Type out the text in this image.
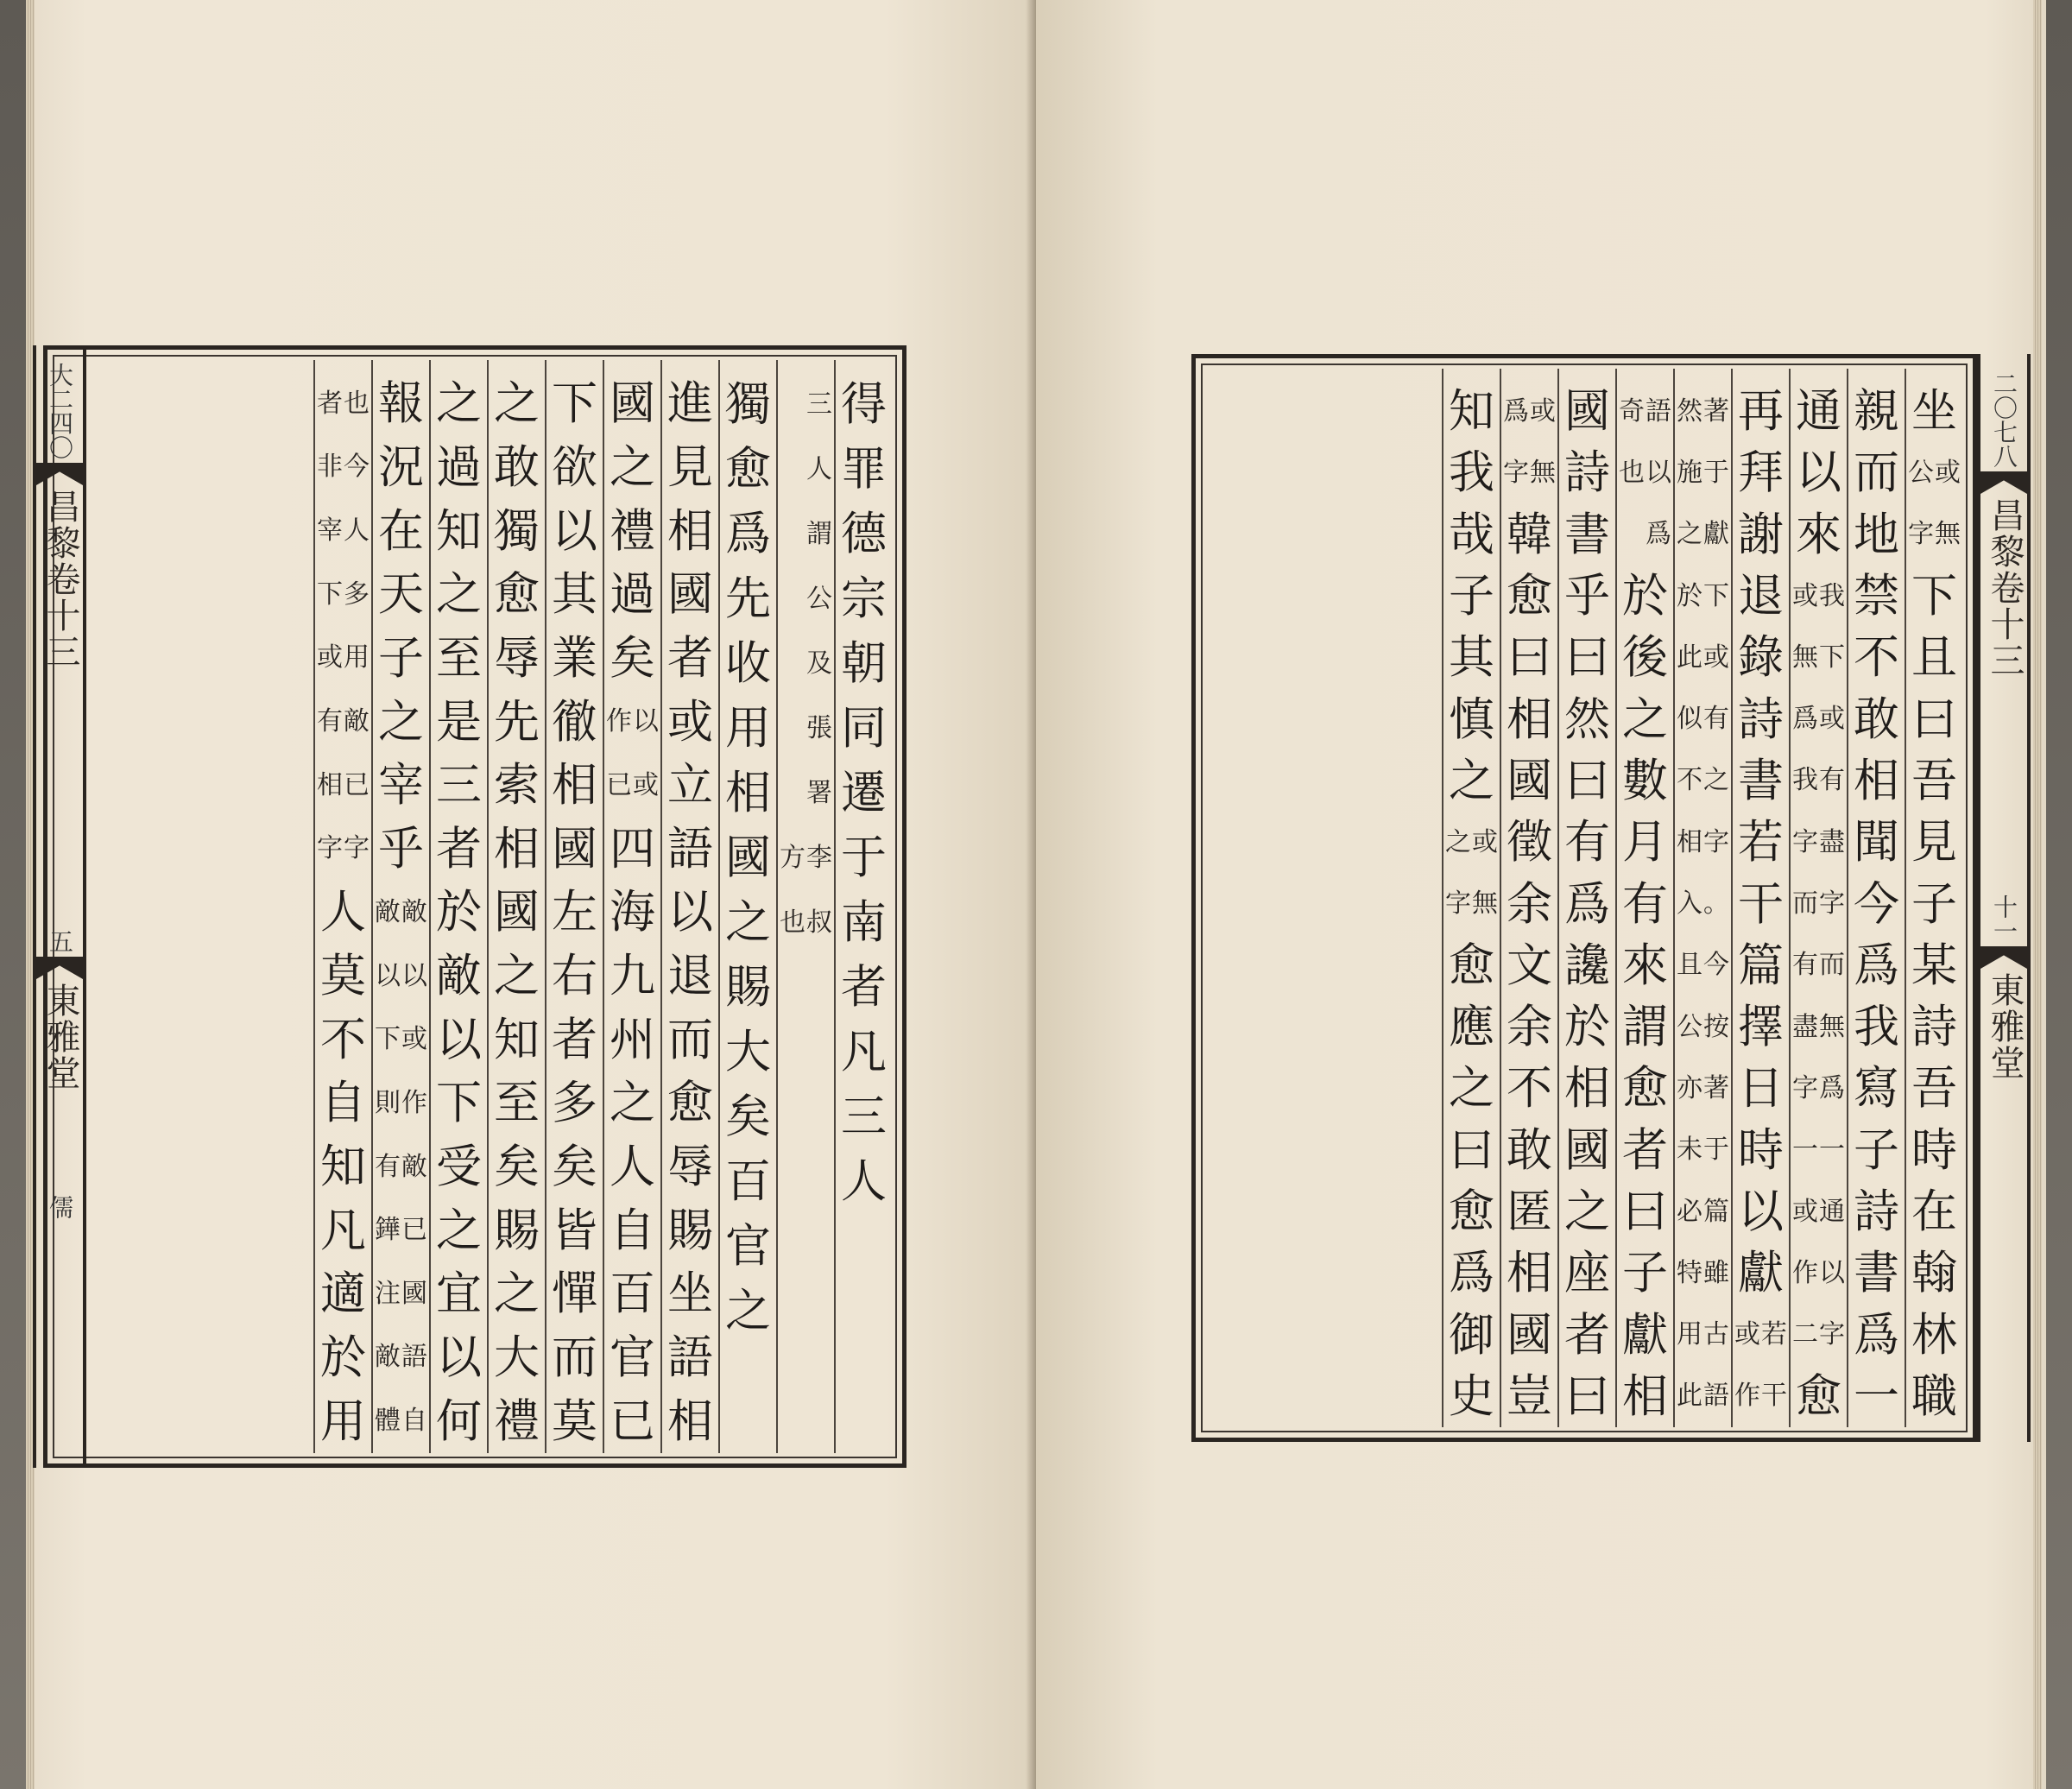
得
罪
德
宗
朝
同
遷
于
南
者
凡
三
人
三
人
謂
公
及
張
署
李
方
叔
也
獨
愈
爲
先
收
用
相
國
之
賜
大
矣
百
官
之
進
見
相
國
者
或
立
語
以
退
而
愈
辱
賜
坐
語
相
國
之
禮
過
矣
以
作
或
已
四
海
九
州
之
人
自
百
官
已
下
欲
以
其
業
徹
相
國
左
右
者
多
矣
皆
憚
而
莫
之
敢
獨
愈
辱
先
索
相
國
之
知
至
矣
賜
之
大
禮
之
過
知
之
至
是
三
者
於
敵
以
下
受
之
宜
以
何
報
況
在
天
子
之
宰
乎
敵
敵
以
以
或
下
作
則
敵
有
已
鏵
國
注
語
敵
自
體
也
者
今
非
人
宰
多
下
用
或
敵
有
已
相
字
字
人
莫
不
自
知
凡
適
於
用
大二四〇
昌黎卷十三
五
東雅堂
儒
坐
或
公
無
字
下
且
曰
吾
見
子
某
詩
吾
時
在
翰
林
職
親
而
地
禁
不
敢
相
聞
今
爲
我
寫
子
詩
書
爲
一
通
以
來
我
或
下
無
或
爲
有
我
盡
字
字
而
而
有
無
盡
爲
字
一
一
通
或
以
作
字
二
愈
再
拜
謝
退
錄
詩
書
若
干
篇
擇
日
時
以
獻
若
或
干
作
著
然
于
施
獻
之
下
於
或
此
有
似
之
不
字
相
。
入
今
且
按
公
著
亦
于
未
篇
必
雖
特
古
用
語
此
語
奇
以
也
爲
於
後
之
數
月
有
來
謂
愈
者
曰
子
獻
相
國
詩
書
乎
曰
然
曰
有
爲
讒
於
相
國
之
座
者
曰
或
爲
無
字
韓
愈
曰
相
國
徵
余
文
余
不
敢
匿
相
國
豈
知
我
哉
子
其
慎
之
或
之
無
字
愈
應
之
曰
愈
爲
御
史
二〇七八
昌黎卷十三
十一
東雅堂
